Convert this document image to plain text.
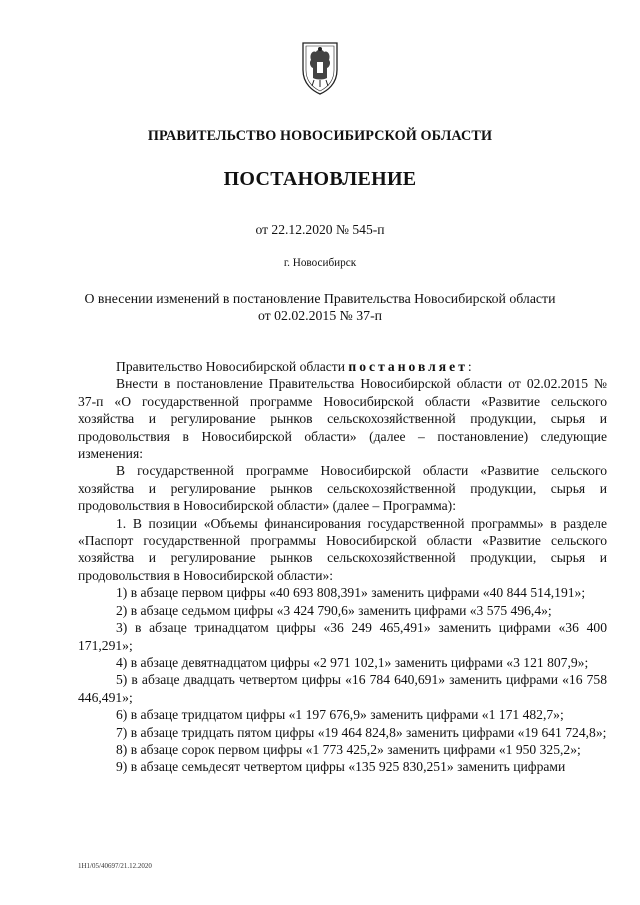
ПРАВИТЕЛЬСТВО НОВОСИБИРСКОЙ ОБЛАСТИ
ПОСТАНОВЛЕНИЕ
от 22.12.2020 № 545-п
г. Новосибирск
О внесении изменений в постановление Правительства Новосибирской области
от 02.02.2015 № 37-п

Правительство Новосибирской области постановляет:

Внести в постановление Правительства Новосибирской области от 02.02.2015 № 37-п «О государственной программе Новосибирской области «Развитие сельского хозяйства и регулирование рынков сельскохозяйственной продукции, сырья и продовольствия в Новосибирской области» (далее – постановление) следующие изменения:

В государственной программе Новосибирской области «Развитие сельского хозяйства и регулирование рынков сельскохозяйственной продукции, сырья и продовольствия в Новосибирской области» (далее – Программа):

1. В позиции «Объемы финансирования государственной программы» в разделе «Паспорт государственной программы Новосибирской области «Развитие сельского хозяйства и регулирование рынков сельскохозяйственной продукции, сырья и продовольствия в Новосибирской области»:

1) в абзаце первом цифры «40 693 808,391» заменить цифрами «40 844 514,191»;

2) в абзаце седьмом цифры «3 424 790,6» заменить цифрами «3 575 496,4»;

3) в абзаце тринадцатом цифры «36 249 465,491» заменить цифрами «36 400 171,291»;

4) в абзаце девятнадцатом цифры «2 971 102,1» заменить цифрами «3 121 807,9»;

5) в абзаце двадцать четвертом цифры «16 784 640,691» заменить цифрами «16 758 446,491»;

6) в абзаце тридцатом цифры «1 197 676,9» заменить цифрами «1 171 482,7»;

7) в абзаце тридцать пятом цифры «19 464 824,8» заменить цифрами «19 641 724,8»;

8) в абзаце сорок первом цифры «1 773 425,2» заменить цифрами «1 950 325,2»;

9) в абзаце семьдесят четвертом цифры «135 925 830,251» заменить цифрами

1Н1/05/40697/21.12.2020
